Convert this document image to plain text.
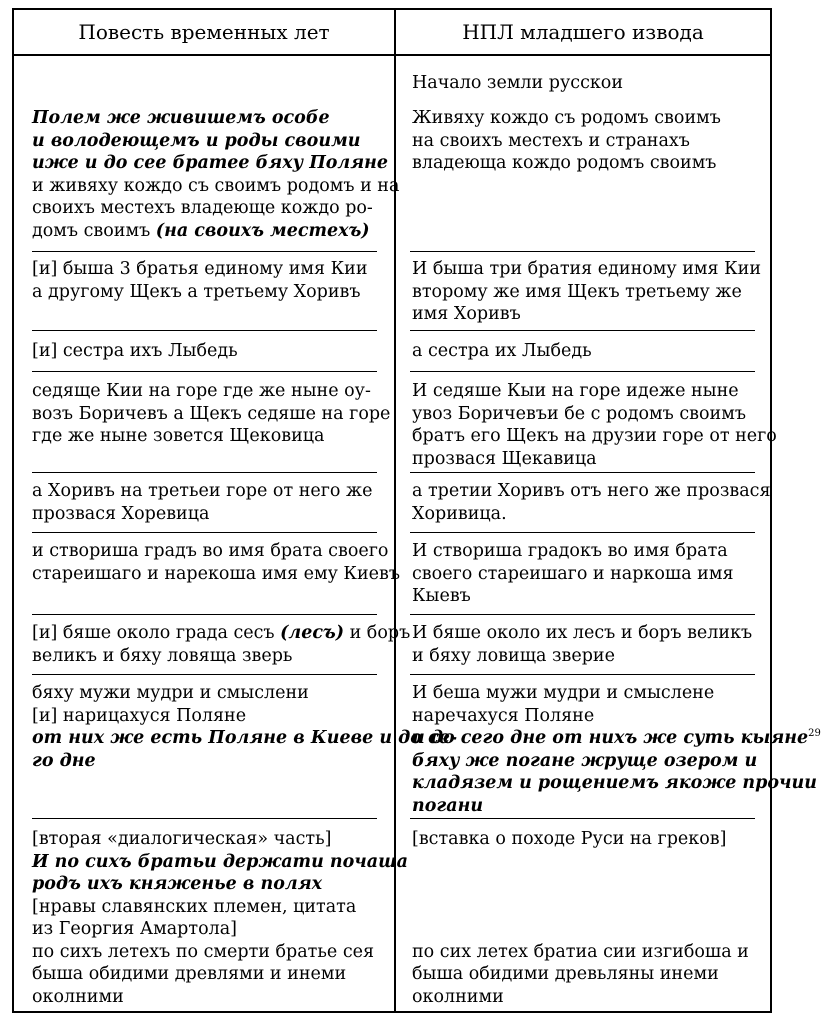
Повесть временных лет	НПЛ младшего извода
Начало земли русскои
Полем же живишемъ особе
и володеющемъ и роды своими
иже и до сее братее бяху Поляне
и живяху кождо съ своимъ родомъ и на
своихъ местехъ владеюще кождо ро-
домъ своимъ (на своихъ местехъ)
Живяху кождо съ родомъ своимъ
на своихъ местехъ и странахъ
владеюща кождо родомъ своимъ
[и] быша 3 братья единому имя Кии
а другому Щекъ а третьему Хоривъ
И быша три братия единому имя Кии
второму же имя Щекъ третьему же
имя Хоривъ
[и] сестра ихъ Лыбедь	а сестра их Лыбедь
седяще Кии на горе где же ныне оу-
возъ Боричевъ а Щекъ седяше на горе
где же ныне зовется Щековица
И седяше Кыи на горе идеже ныне
увоз Боричевъи бе с родомъ своимъ
братъ его Щекъ на друзии горе от него
прозвася Щекавица
а Хоривъ на третьеи горе от него же
прозвася Хоревица
а третии Хоривъ отъ него же прозвася
Хоривица.
и створиша градъ во имя брата своего
стареишаго и нарекоша имя ему Киевъ
И створиша градокъ во имя брата
своего стареишаго и наркоша имя
Кыевъ
[и] бяше около града сесъ (лесъ) и боръ
великъ и бяху ловяща зверь
И бяше около их лесъ и боръ великъ
и бяху ловища зверие
бяху мужи мудри и смыслени
[и] нарицахуся Поляне
от них же есть Поляне в Киеве и до се-
го дне
И беша мужи мудри и смыслене
наречахуся Поляне
и до сего дне от нихъ же суть кыяне$^{29}$
бяху же погане жруще озером и
кладязем и рощениемъ якоже прочии
погани
[вторая «диалогическая» часть]
И по сихъ братьи держати почаша
родъ ихъ княженье в полях
[нравы славянских племен, цитата
из Георгия Амартола]
по сихъ летехъ по смерти братье сея
быша обидими древлями и инеми
околними
[вставка о походе Руси на греков]

по сих летех братиа сии изгибоша и
быша обидими древьляны инеми
околними
